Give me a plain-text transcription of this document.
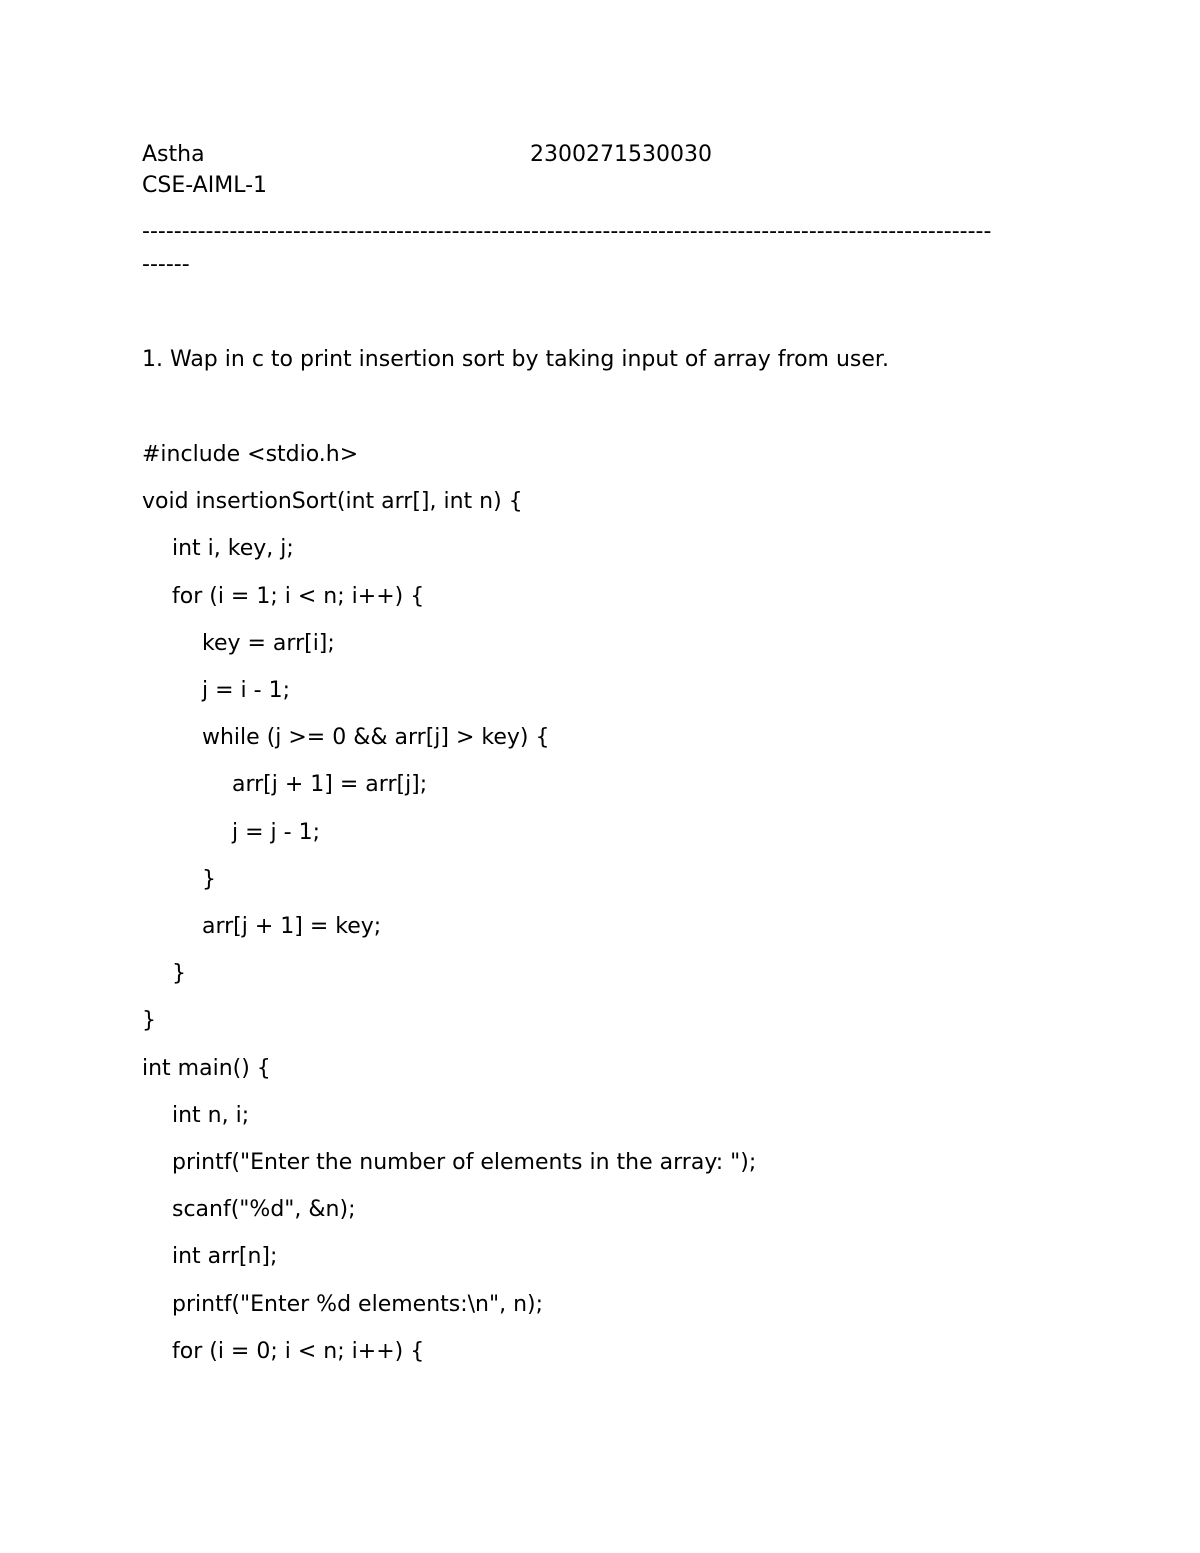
Astha	2300271530030
CSE-AIML-1
-----------------------------------------------------------------------------------------------------------
------
1. Wap in c to print insertion sort by taking input of array from user.
#include <stdio.h>
void insertionSort(int arr[], int n) {
int i, key, j;
for (i = 1; i < n; i++) {
key = arr[i];
j = i - 1;
while (j >= 0 && arr[j] > key) {
arr[j + 1] = arr[j];
j = j - 1;
}
arr[j + 1] = key;
}
}
int main() {
int n, i;
printf("Enter the number of elements in the array: ");
scanf("%d", &n);
int arr[n];
printf("Enter %d elements:\n", n);
for (i = 0; i < n; i++) {
